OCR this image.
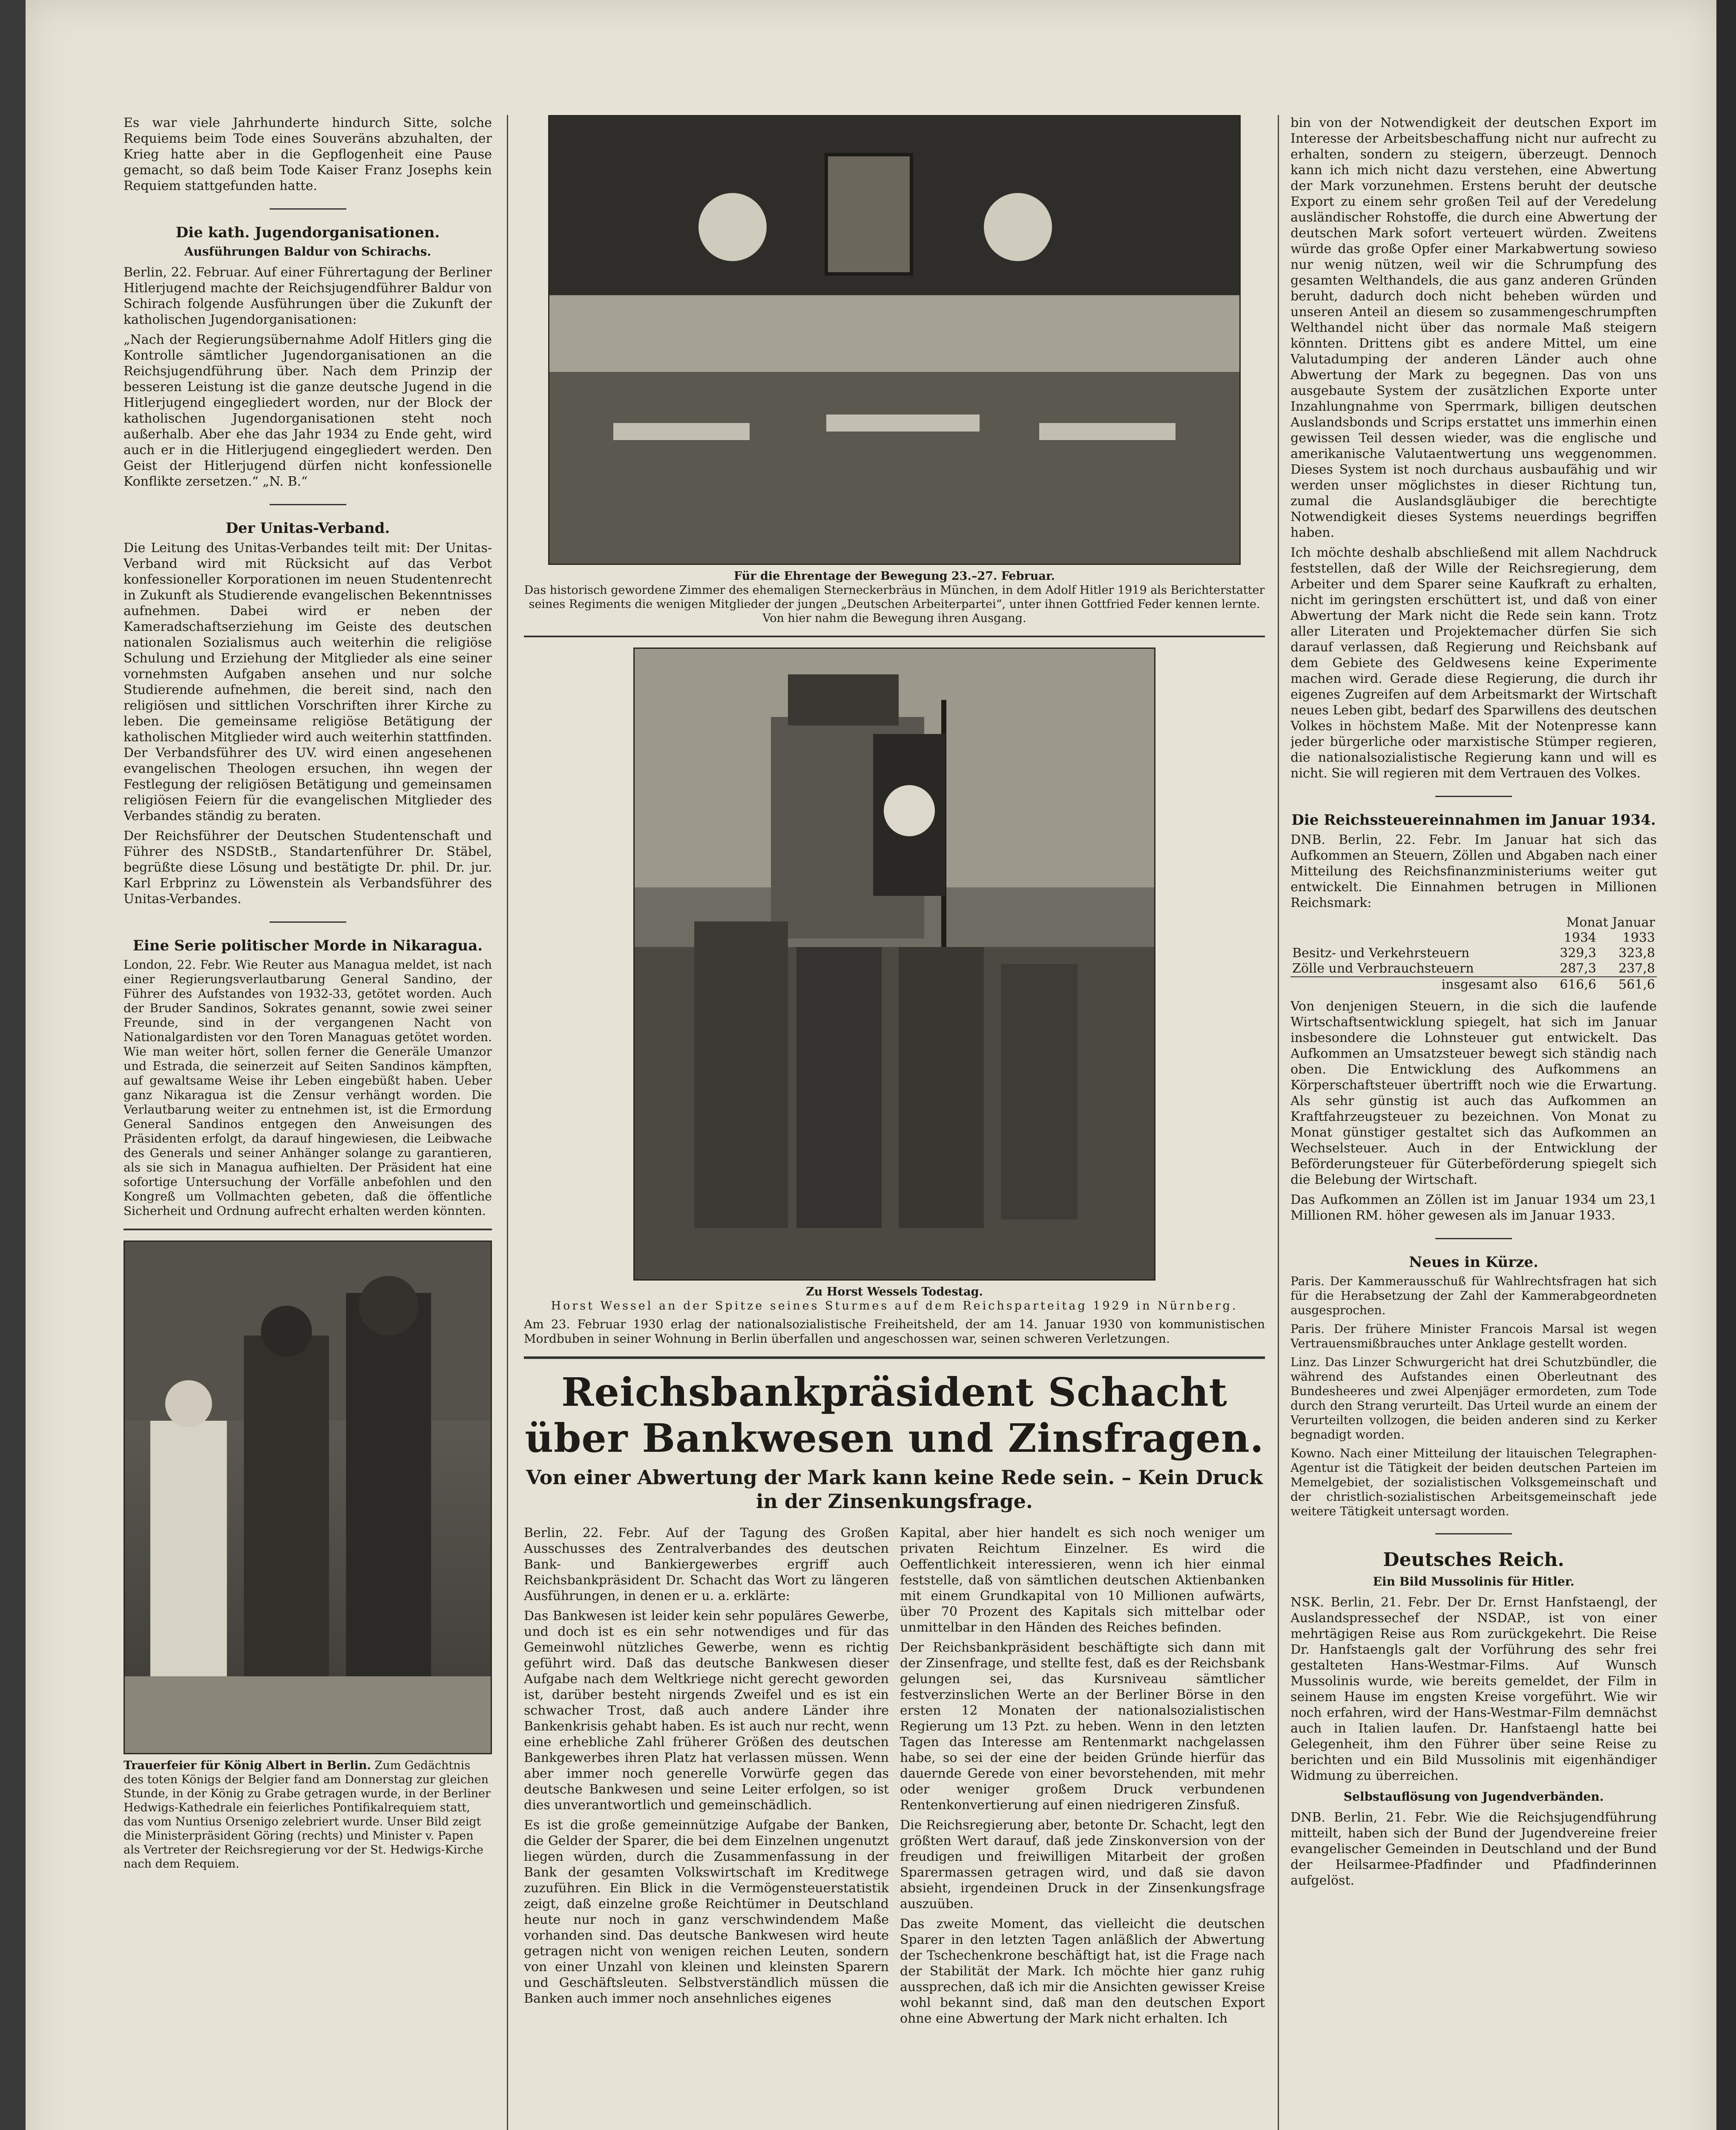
Es war viele Jahrhunderte hindurch Sitte, solche Requiems beim Tode eines Souveräns abzuhalten, der Krieg hatte aber in die Gepflogenheit eine Pause gemacht, so daß beim Tode Kaiser Franz Josephs kein Requiem stattgefunden hatte.

Die kath. Jugendorganisationen.
Ausführungen Baldur von Schirachs.

Berlin, 22. Februar. Auf einer Führertagung der Berliner Hitlerjugend machte der Reichsjugendführer Baldur von Schirach folgende Ausführungen über die Zukunft der katholischen Jugendorganisationen:

„Nach der Regierungsübernahme Adolf Hitlers ging die Kontrolle sämtlicher Jugendorganisationen an die Reichsjugendführung über. Nach dem Prinzip der besseren Leistung ist die ganze deutsche Jugend in die Hitlerjugend eingegliedert worden, nur der Block der katholischen Jugendorganisationen steht noch außerhalb. Aber ehe das Jahr 1934 zu Ende geht, wird auch er in die Hitlerjugend eingegliedert werden. Den Geist der Hitlerjugend dürfen nicht konfessionelle Konflikte zersetzen.“ „N. B.“

Der Unitas-Verband.

Die Leitung des Unitas-Verbandes teilt mit: Der Unitas-Verband wird mit Rücksicht auf das Verbot konfessioneller Korporationen im neuen Studentenrecht in Zukunft als Studierende evangelischen Bekenntnisses aufnehmen. Dabei wird er neben der Kameradschaftserziehung im Geiste des deutschen nationalen Sozialismus auch weiterhin die religiöse Schulung und Erziehung der Mitglieder als eine seiner vornehmsten Aufgaben ansehen und nur solche Studierende aufnehmen, die bereit sind, nach den religiösen und sittlichen Vorschriften ihrer Kirche zu leben. Die gemeinsame religiöse Betätigung der katholischen Mitglieder wird auch weiterhin stattfinden. Der Verbandsführer des UV. wird einen angesehenen evangelischen Theologen ersuchen, ihn wegen der Festlegung der religiösen Betätigung und gemeinsamen religiösen Feiern für die evangelischen Mitglieder des Verbandes ständig zu beraten.

Der Reichsführer der Deutschen Studentenschaft und Führer des NSDStB., Standartenführer Dr. Stäbel, begrüßte diese Lösung und bestätigte Dr. phil. Dr. jur. Karl Erbprinz zu Löwenstein als Verbandsführer des Unitas-Verbandes.

Eine Serie politischer Morde in Nikaragua.

London, 22. Febr. Wie Reuter aus Managua meldet, ist nach einer Regierungsverlautbarung General Sandino, der Führer des Aufstandes von 1932-33, getötet worden. Auch der Bruder Sandinos, Sokrates genannt, sowie zwei seiner Freunde, sind in der vergangenen Nacht von Nationalgardisten vor den Toren Managuas getötet worden. Wie man weiter hört, sollen ferner die Generäle Umanzor und Estrada, die seinerzeit auf Seiten Sandinos kämpften, auf gewaltsame Weise ihr Leben eingebüßt haben. Ueber ganz Nikaragua ist die Zensur verhängt worden. Die Verlautbarung weiter zu entnehmen ist, ist die Ermordung General Sandinos entgegen den Anweisungen des Präsidenten erfolgt, da darauf hingewiesen, die Leibwache des Generals und seiner Anhänger solange zu garantieren, als sie sich in Managua aufhielten. Der Präsident hat eine sofortige Untersuchung der Vorfälle anbefohlen und den Kongreß um Vollmachten gebeten, daß die öffentliche Sicherheit und Ordnung aufrecht erhalten werden könnten.

Trauerfeier für König Albert in Berlin. Zum Gedächtnis des toten Königs der Belgier fand am Donnerstag zur gleichen Stunde, in der König zu Grabe getragen wurde, in der Berliner Hedwigs-Kathedrale ein feierliches Pontifikalrequiem statt, das vom Nuntius Orsenigo zelebriert wurde. Unser Bild zeigt die Ministerpräsident Göring (rechts) und Minister v. Papen als Vertreter der Reichsregierung vor der St. Hedwigs-Kirche nach dem Requiem.

Für die Ehrentage der Bewegung 23.–27. Februar.
Das historisch gewordene Zimmer des ehemaligen Sterneckerbräus in München, in dem Adolf Hitler 1919 als Berichterstatter seines Regiments die wenigen Mitglieder der jungen „Deutschen Arbeiterpartei“, unter ihnen Gottfried Feder kennen lernte. Von hier nahm die Bewegung ihren Ausgang.

Zu Horst Wessels Todestag.
Horst Wessel an der Spitze seines Sturmes auf dem Reichsparteitag 1929 in Nürnberg.

Am 23. Februar 1930 erlag der nationalsozialistische Freiheitsheld, der am 14. Januar 1930 von kommunistischen Mordbuben in seiner Wohnung in Berlin überfallen und angeschossen war, seinen schweren Verletzungen.

Reichsbankpräsident Schacht über Bankwesen und Zinsfragen.
Von einer Abwertung der Mark kann keine Rede sein. – Kein Druck in der Zinsenkungsfrage.

Berlin, 22. Febr. Auf der Tagung des Großen Ausschusses des Zentralverbandes des deutschen Bank- und Bankiergewerbes ergriff auch Reichsbankpräsident Dr. Schacht das Wort zu längeren Ausführungen, in denen er u. a. erklärte:

Das Bankwesen ist leider kein sehr populäres Gewerbe, und doch ist es ein sehr notwendiges und für das Gemeinwohl nützliches Gewerbe, wenn es richtig geführt wird. Daß das deutsche Bankwesen dieser Aufgabe nach dem Weltkriege nicht gerecht geworden ist, darüber besteht nirgends Zweifel und es ist ein schwacher Trost, daß auch andere Länder ihre Bankenkrisis gehabt haben. Es ist auch nur recht, wenn eine erhebliche Zahl früherer Größen des deutschen Bankgewerbes ihren Platz hat verlassen müssen. Wenn aber immer noch generelle Vorwürfe gegen das deutsche Bankwesen und seine Leiter erfolgen, so ist dies unverantwortlich und gemeinschädlich.

Es ist die große gemeinnützige Aufgabe der Banken, die Gelder der Sparer, die bei dem Einzelnen ungenutzt liegen würden, durch die Zusammenfassung in der Bank der gesamten Volkswirtschaft im Kreditwege zuzuführen. Ein Blick in die Vermögensteuerstatistik zeigt, daß einzelne große Reichtümer in Deutschland heute nur noch in ganz verschwindendem Maße vorhanden sind. Das deutsche Bankwesen wird heute getragen nicht von wenigen reichen Leuten, sondern von einer Unzahl von kleinen und kleinsten Sparern und Geschäftsleuten. Selbstverständlich müssen die Banken auch immer noch ansehnliches eigenes

Kapital, aber hier handelt es sich noch weniger um privaten Reichtum Einzelner. Es wird die Oeffentlichkeit interessieren, wenn ich hier einmal feststelle, daß von sämtlichen deutschen Aktienbanken mit einem Grundkapital von 10 Millionen aufwärts, über 70 Prozent des Kapitals sich mittelbar oder unmittelbar in den Händen des Reiches befinden.

Der Reichsbankpräsident beschäftigte sich dann mit der Zinsenfrage, und stellte fest, daß es der Reichsbank gelungen sei, das Kursniveau sämtlicher festverzinslichen Werte an der Berliner Börse in den ersten 12 Monaten der nationalsozialistischen Regierung um 13 Pzt. zu heben. Wenn in den letzten Tagen das Interesse am Rentenmarkt nachgelassen habe, so sei der eine der beiden Gründe hierfür das dauernde Gerede von einer bevorstehenden, mit mehr oder weniger großem Druck verbundenen Rentenkonvertierung auf einen niedrigeren Zinsfuß.

Die Reichsregierung aber, betonte Dr. Schacht, legt den größten Wert darauf, daß jede Zinskonversion von der freudigen und freiwilligen Mitarbeit der großen Sparermassen getragen wird, und daß sie davon absieht, irgendeinen Druck in der Zinsenkungsfrage auszuüben.

Das zweite Moment, das vielleicht die deutschen Sparer in den letzten Tagen anläßlich der Abwertung der Tschechenkrone beschäftigt hat, ist die Frage nach der Stabilität der Mark. Ich möchte hier ganz ruhig aussprechen, daß ich mir die Ansichten gewisser Kreise wohl bekannt sind, daß man den deutschen Export ohne eine Abwertung der Mark nicht erhalten. Ich

bin von der Notwendigkeit der deutschen Export im Interesse der Arbeitsbeschaffung nicht nur aufrecht zu erhalten, sondern zu steigern, überzeugt. Dennoch kann ich mich nicht dazu verstehen, eine Abwertung der Mark vorzunehmen. Erstens beruht der deutsche Export zu einem sehr großen Teil auf der Veredelung ausländischer Rohstoffe, die durch eine Abwertung der deutschen Mark sofort verteuert würden. Zweitens würde das große Opfer einer Markabwertung sowieso nur wenig nützen, weil wir die Schrumpfung des gesamten Welthandels, die aus ganz anderen Gründen beruht, dadurch doch nicht beheben würden und unseren Anteil an diesem so zusammengeschrumpften Welthandel nicht über das normale Maß steigern könnten. Drittens gibt es andere Mittel, um eine Valutadumping der anderen Länder auch ohne Abwertung der Mark zu begegnen. Das von uns ausgebaute System der zusätzlichen Exporte unter Inzahlungnahme von Sperrmark, billigen deutschen Auslandsbonds und Scrips erstattet uns immerhin einen gewissen Teil dessen wieder, was die englische und amerikanische Valutaentwertung uns weggenommen. Dieses System ist noch durchaus ausbaufähig und wir werden unser möglichstes in dieser Richtung tun, zumal die Auslandsgläubiger die berechtigte Notwendigkeit dieses Systems neuerdings begriffen haben.

Ich möchte deshalb abschließend mit allem Nachdruck feststellen, daß der Wille der Reichsregierung, dem Arbeiter und dem Sparer seine Kaufkraft zu erhalten, nicht im geringsten erschüttert ist, und daß von einer Abwertung der Mark nicht die Rede sein kann. Trotz aller Literaten und Projektemacher dürfen Sie sich darauf verlassen, daß Regierung und Reichsbank auf dem Gebiete des Geldwesens keine Experimente machen wird. Gerade diese Regierung, die durch ihr eigenes Zugreifen auf dem Arbeitsmarkt der Wirtschaft neues Leben gibt, bedarf des Sparwillens des deutschen Volkes in höchstem Maße. Mit der Notenpresse kann jeder bürgerliche oder marxistische Stümper regieren, die nationalsozialistische Regierung kann und will es nicht. Sie will regieren mit dem Vertrauen des Volkes.

Die Reichssteuereinnahmen im Januar 1934.

DNB. Berlin, 22. Febr. Im Januar hat sich das Aufkommen an Steuern, Zöllen und Abgaben nach einer Mitteilung des Reichsfinanzministeriums weiter gut entwickelt. Die Einnahmen betrugen in Millionen Reichsmark:

	Monat Januar	
	1934	1933
Besitz- und Verkehrsteuern	329,3	323,8
Zölle und Verbrauchsteuern	287,3	237,8
insgesamt also	616,6	561,6

Von denjenigen Steuern, in die sich die laufende Wirtschaftsentwicklung spiegelt, hat sich im Januar insbesondere die Lohnsteuer gut entwickelt. Das Aufkommen an Umsatzsteuer bewegt sich ständig nach oben. Die Entwicklung des Aufkommens an Körperschaftsteuer übertrifft noch wie die Erwartung. Als sehr günstig ist auch das Aufkommen an Kraftfahrzeugsteuer zu bezeichnen. Von Monat zu Monat günstiger gestaltet sich das Aufkommen an Wechselsteuer. Auch in der Entwicklung der Beförderungsteuer für Güterbeförderung spiegelt sich die Belebung der Wirtschaft.

Das Aufkommen an Zöllen ist im Januar 1934 um 23,1 Millionen RM. höher gewesen als im Januar 1933.

Neues in Kürze.

Paris. Der Kammerausschuß für Wahlrechtsfragen hat sich für die Herabsetzung der Zahl der Kammerabgeordneten ausgesprochen.

Paris. Der frühere Minister Francois Marsal ist wegen Vertrauensmißbrauches unter Anklage gestellt worden.

Linz. Das Linzer Schwurgericht hat drei Schutzbündler, die während des Aufstandes einen Oberleutnant des Bundesheeres und zwei Alpenjäger ermordeten, zum Tode durch den Strang verurteilt. Das Urteil wurde an einem der Verurteilten vollzogen, die beiden anderen sind zu Kerker begnadigt worden.

Kowno. Nach einer Mitteilung der litauischen Telegraphen-Agentur ist die Tätigkeit der beiden deutschen Parteien im Memelgebiet, der sozialistischen Volksgemeinschaft und der christlich-sozialistischen Arbeitsgemeinschaft jede weitere Tätigkeit untersagt worden.

Deutsches Reich.
Ein Bild Mussolinis für Hitler.

NSK. Berlin, 21. Febr. Der Dr. Ernst Hanfstaengl, der Auslandspressechef der NSDAP., ist von einer mehrtägigen Reise aus Rom zurückgekehrt. Die Reise Dr. Hanfstaengls galt der Vorführung des sehr frei gestalteten Hans-Westmar-Films. Auf Wunsch Mussolinis wurde, wie bereits gemeldet, der Film in seinem Hause im engsten Kreise vorgeführt. Wie wir noch erfahren, wird der Hans-Westmar-Film demnächst auch in Italien laufen. Dr. Hanfstaengl hatte bei Gelegenheit, ihm den Führer über seine Reise zu berichten und ein Bild Mussolinis mit eigenhändiger Widmung zu überreichen.

Selbstauflösung von Jugendverbänden.

DNB. Berlin, 21. Febr. Wie die Reichsjugendführung mitteilt, haben sich der Bund der Jugendvereine freier evangelischer Gemeinden in Deutschland und der Bund der Heilsarmee-Pfadfinder und Pfadfinderinnen aufgelöst.
